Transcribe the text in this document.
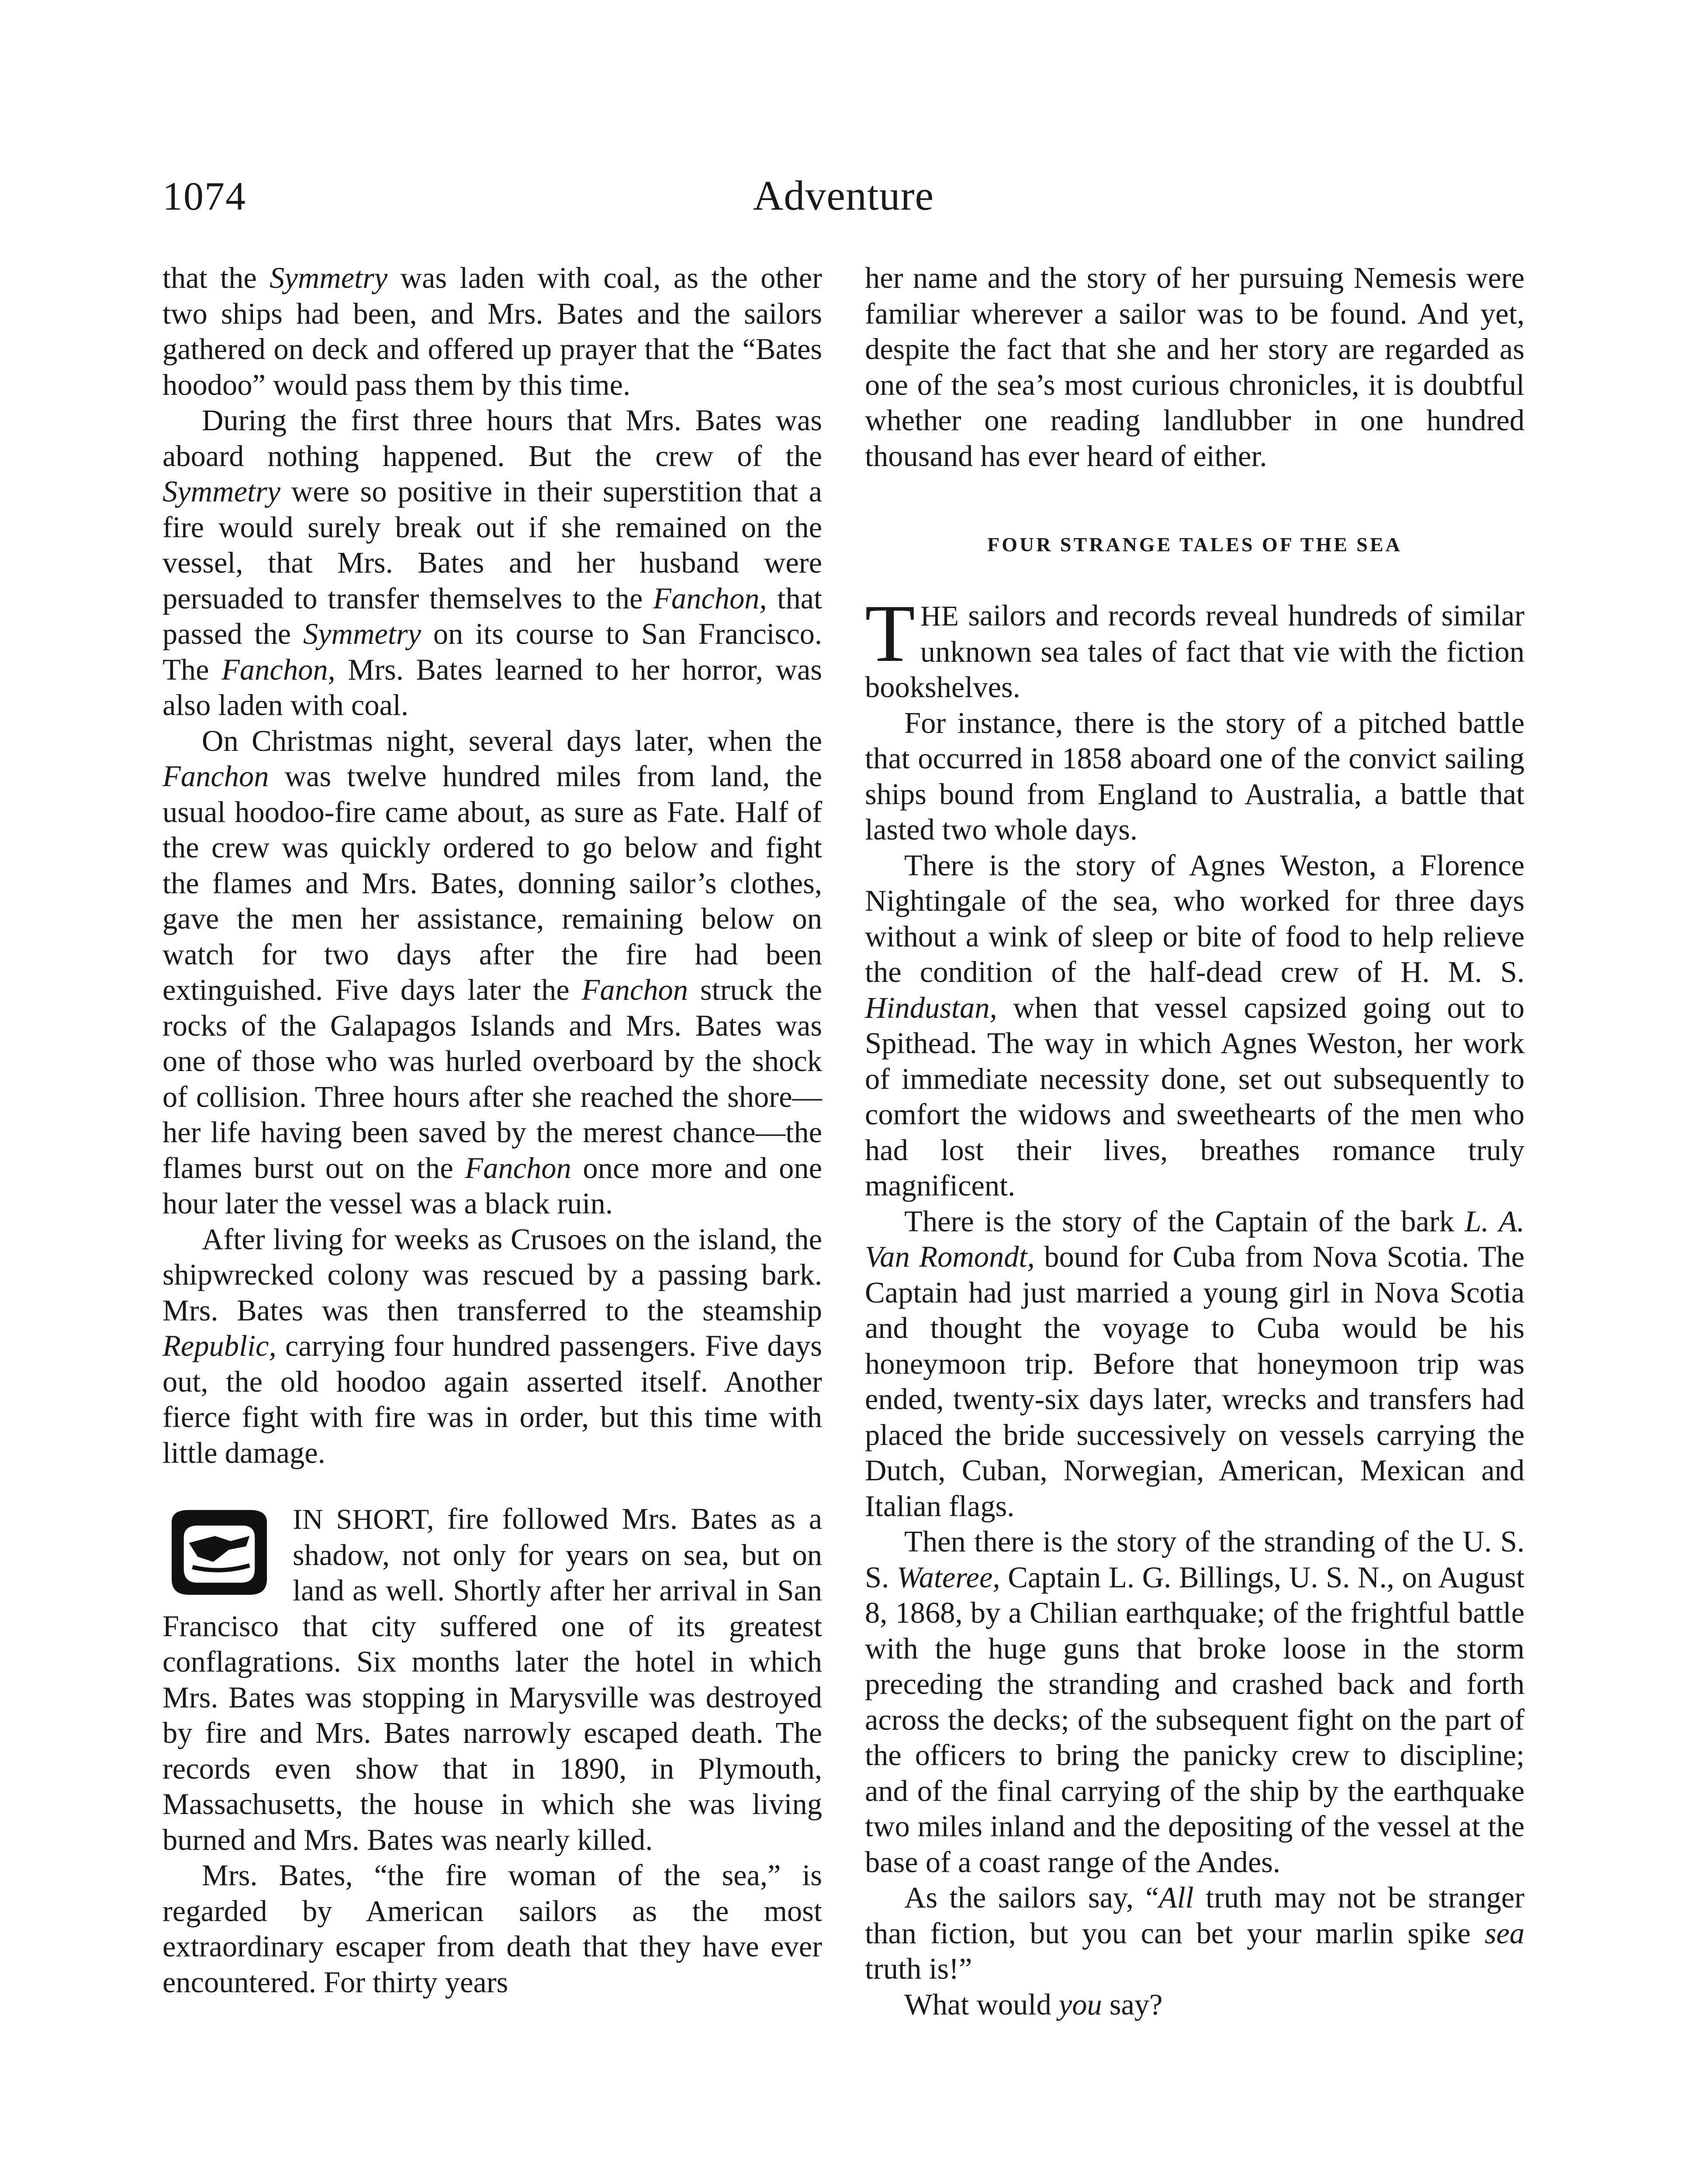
1074	Adventure

that the Symmetry was laden with coal, as the other two ships had been, and Mrs. Bates and the sailors gathered on deck and offered up prayer that the “Bates hoodoo” would pass them by this time.

During the first three hours that Mrs. Bates was aboard nothing happened. But the crew of the Symmetry were so positive in their superstition that a fire would surely break out if she remained on the vessel, that Mrs. Bates and her husband were persuaded to transfer themselves to the Fanchon, that passed the Symmetry on its course to San Francisco. The Fanchon, Mrs. Bates learned to her horror, was also laden with coal.

On Christmas night, several days later, when the Fanchon was twelve hundred miles from land, the usual hoodoo-fire came about, as sure as Fate. Half of the crew was quickly ordered to go below and fight the flames and Mrs. Bates, donning sailor’s clothes, gave the men her assistance, remaining below on watch for two days after the fire had been extinguished. Five days later the Fanchon struck the rocks of the Galapagos Islands and Mrs. Bates was one of those who was hurled overboard by the shock of collision. Three hours after she reached the shore—her life having been saved by the merest chance—the flames burst out on the Fanchon once more and one hour later the vessel was a black ruin.

After living for weeks as Crusoes on the island, the shipwrecked colony was rescued by a passing bark. Mrs. Bates was then transferred to the steamship Republic, carrying four hundred passengers. Five days out, the old hoodoo again asserted itself. Another fierce fight with fire was in order, but this time with little damage.

IN SHORT, fire followed Mrs. Bates as a shadow, not only for years on sea, but on land as well. Shortly after her arrival in San Francisco that city suffered one of its greatest conflagrations. Six months later the hotel in which Mrs. Bates was stopping in Marysville was destroyed by fire and Mrs. Bates narrowly escaped death. The records even show that in 1890, in Plymouth, Massachusetts, the house in which she was living burned and Mrs. Bates was nearly killed.

Mrs. Bates, “the fire woman of the sea,” is regarded by American sailors as the most extraordinary escaper from death that they have ever encountered. For thirty years

her name and the story of her pursuing Nemesis were familiar wherever a sailor was to be found. And yet, despite the fact that she and her story are regarded as one of the sea’s most curious chronicles, it is doubtful whether one reading landlubber in one hundred thousand has ever heard of either.

FOUR STRANGE TALES OF THE SEA

THE sailors and records reveal hundreds of similar unknown sea tales of fact that vie with the fiction bookshelves.

For instance, there is the story of a pitched battle that occurred in 1858 aboard one of the convict sailing ships bound from England to Australia, a battle that lasted two whole days.

There is the story of Agnes Weston, a Florence Nightingale of the sea, who worked for three days without a wink of sleep or bite of food to help relieve the condition of the half-dead crew of H. M. S. Hindustan, when that vessel capsized going out to Spithead. The way in which Agnes Weston, her work of immediate necessity done, set out subsequently to comfort the widows and sweethearts of the men who had lost their lives, breathes romance truly magnificent.

There is the story of the Captain of the bark L. A. Van Romondt, bound for Cuba from Nova Scotia. The Captain had just married a young girl in Nova Scotia and thought the voyage to Cuba would be his honeymoon trip. Before that honeymoon trip was ended, twenty-six days later, wrecks and transfers had placed the bride successively on vessels carrying the Dutch, Cuban, Norwegian, American, Mexican and Italian flags.

Then there is the story of the stranding of the U. S. S. Wateree, Captain L. G. Billings, U. S. N., on August 8, 1868, by a Chilian earthquake; of the frightful battle with the huge guns that broke loose in the storm preceding the stranding and crashed back and forth across the decks; of the subsequent fight on the part of the officers to bring the panicky crew to discipline; and of the final carrying of the ship by the earthquake two miles inland and the depositing of the vessel at the base of a coast range of the Andes.

As the sailors say, “All truth may not be stranger than fiction, but you can bet your marlin spike sea truth is!”

What would you say?
